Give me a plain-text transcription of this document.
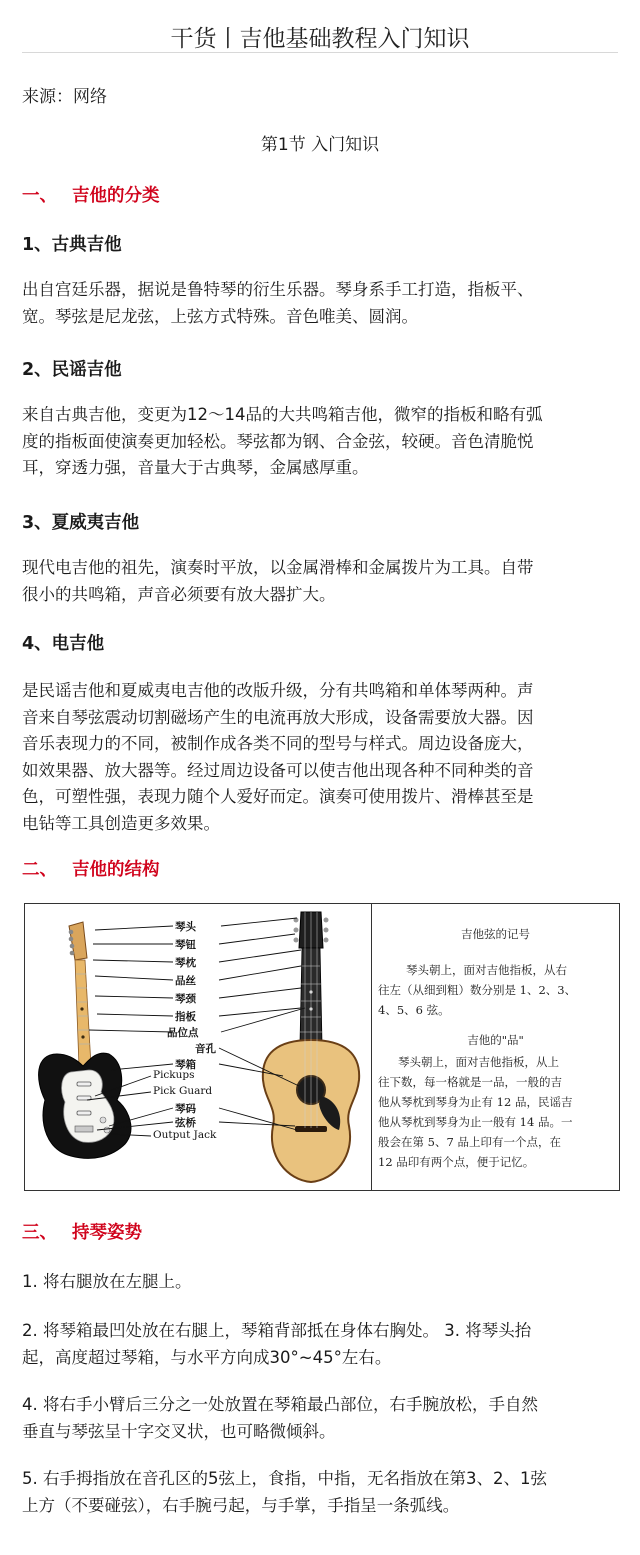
干货丨吉他基础教程入门知识
来源：网络
第1节 入门知识
一、 吉他的分类
1、古典吉他
出自宫廷乐器，据说是鲁特琴的衍生乐器。琴身系手工打造，指板平、
宽。琴弦是尼龙弦，上弦方式特殊。音色唯美、圆润。
2、民谣吉他
来自古典吉他，变更为12～14品的大共鸣箱吉他，微窄的指板和略有弧
度的指板面使演奏更加轻松。琴弦都为钢、合金弦，较硬。音色清脆悦
耳，穿透力强，音量大于古典琴，金属感厚重。
3、夏威夷吉他
现代电吉他的祖先，演奏时平放，以金属滑棒和金属拨片为工具。自带
很小的共鸣箱，声音必须要有放大器扩大。
4、电吉他
是民谣吉他和夏威夷电吉他的改版升级，分有共鸣箱和单体琴两种。声
音来自琴弦震动切割磁场产生的电流再放大形成，设备需要放大器。因
音乐表现力的不同，被制作成各类不同的型号与样式。周边设备庞大，
如效果器、放大器等。经过周边设备可以使吉他出现各种不同种类的音
色，可塑性强，表现力随个人爱好而定。演奏可使用拨片、滑棒甚至是
电钻等工具创造更多效果。
二、 吉他的结构
琴头
琴钮
琴枕
品丝
琴颈
指板
品位点
音孔
琴箱
Pickups
Pick Guard
琴码
弦桥
Output Jack
吉他弦的记号
琴头朝上，面对吉他指板，从右
往左（从细到粗）数分别是 1、2、3、
4、5、6 弦。
吉他的"品"
琴头朝上，面对吉他指板，从上
往下数，每一格就是一品，一般的吉
他从琴枕到琴身为止有 12 品，民谣吉
他从琴枕到琴身为止一般有 14 品。一
般会在第 5、7 品上印有一个点，在
12 品印有两个点，便于记忆。
三、 持琴姿势
1. 将右腿放在左腿上。
2. 将琴箱最凹处放在右腿上，琴箱背部抵在身体右胸处。 3. 将琴头抬
起，高度超过琴箱，与水平方向成30°~45°左右。
4. 将右手小臂后三分之一处放置在琴箱最凸部位，右手腕放松，手自然
垂直与琴弦呈十字交叉状，也可略微倾斜。
5. 右手拇指放在音孔区的5弦上，食指，中指，无名指放在第3、2、1弦
上方（不要碰弦），右手腕弓起，与手掌，手指呈一条弧线。
